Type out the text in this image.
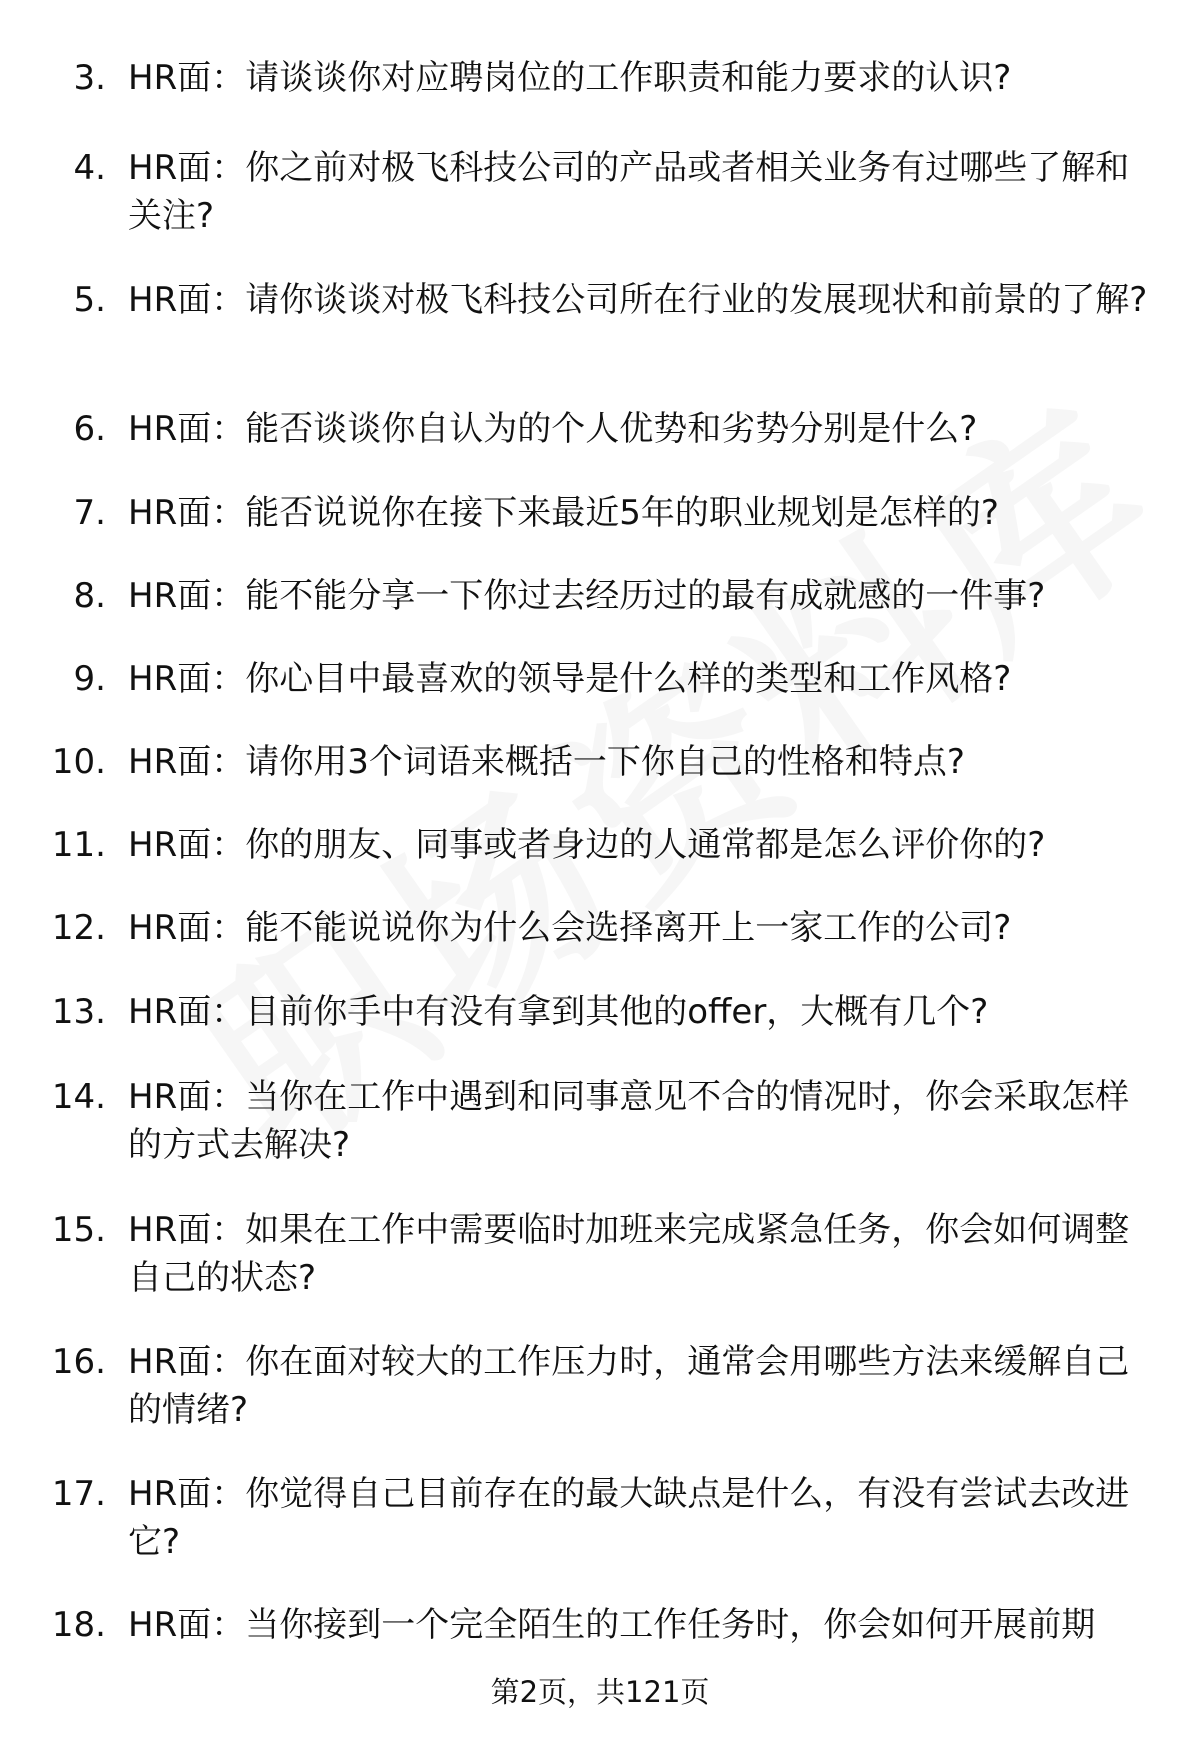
3. HR面：请谈谈你对应聘岗位的工作职责和能力要求的认识?
4. HR面：你之前对极飞科技公司的产品或者相关业务有过哪些了解和关注?
5. HR面：请你谈谈对极飞科技公司所在行业的发展现状和前景的了解?
6. HR面：能否谈谈你自认为的个人优势和劣势分别是什么?
7. HR面：能否说说你在接下来最近5年的职业规划是怎样的?
8. HR面：能不能分享一下你过去经历过的最有成就感的一件事?
9. HR面：你心目中最喜欢的领导是什么样的类型和工作风格?
10. HR面：请你用3个词语来概括一下你自己的性格和特点?
11. HR面：你的朋友、同事或者身边的人通常都是怎么评价你的?
12. HR面：能不能说说你为什么会选择离开上一家工作的公司?
13. HR面：目前你手中有没有拿到其他的offer，大概有几个?
14. HR面：当你在工作中遇到和同事意见不合的情况时，你会采取怎样的方式去解决?
15. HR面：如果在工作中需要临时加班来完成紧急任务，你会如何调整自己的状态?
16. HR面：你在面对较大的工作压力时，通常会用哪些方法来缓解自己的情绪?
17. HR面：你觉得自己目前存在的最大缺点是什么，有没有尝试去改进它?
18. HR面：当你接到一个完全陌生的工作任务时，你会如何开展前期
第2页，共121页
